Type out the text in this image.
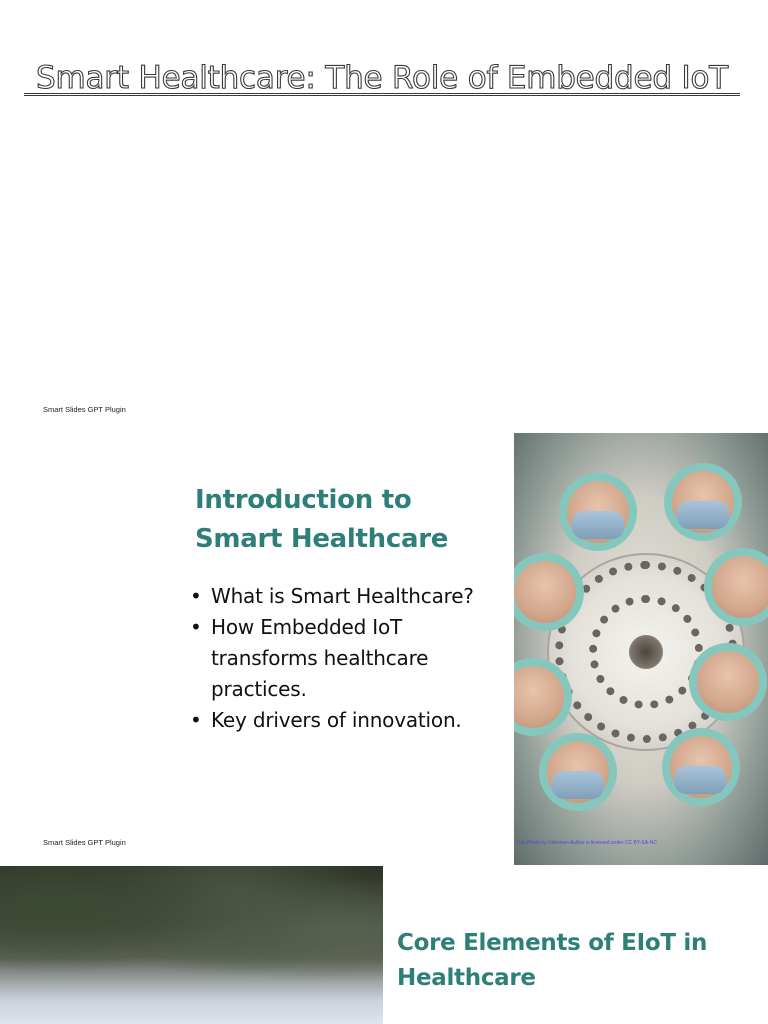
Smart Healthcare: The Role of Embedded IoT
Smart Slides GPT Plugin
Introduction to Smart Healthcare
• What is Smart Healthcare?
• How Embedded IoT transforms healthcare practices.
• Key drivers of innovation.
This Photo by Unknown Author is licensed under CC BY-SA-NC
Smart Slides GPT Plugin
Core Elements of EIoT in Healthcare
